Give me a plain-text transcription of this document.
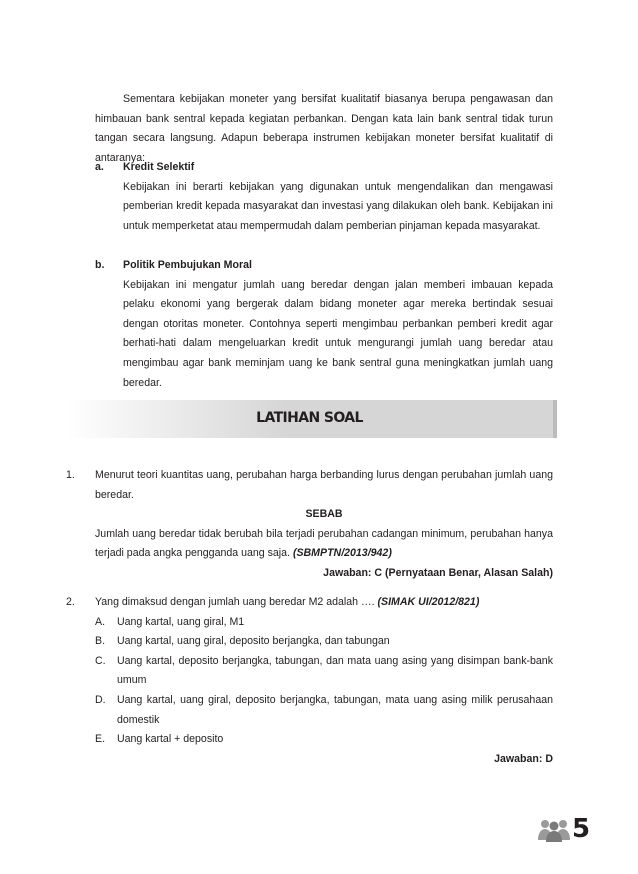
Sementara kebijakan moneter yang bersifat kualitatif biasanya berupa pengawasan dan himbauan bank sentral kepada kegiatan perbankan. Dengan kata lain bank sentral tidak turun tangan secara langsung. Adapun beberapa instrumen kebijakan moneter bersifat kualitatif di antaranya:

a. Kredit Selektif

Kebijakan ini berarti kebijakan yang digunakan untuk mengendalikan dan mengawasi pemberian kredit kepada masyarakat dan investasi yang dilakukan oleh bank. Kebijakan ini untuk memperketat atau mempermudah dalam pemberian pinjaman kepada masyarakat.

b. Politik Pembujukan Moral

Kebijakan ini mengatur jumlah uang beredar dengan jalan memberi imbauan kepada pelaku ekonomi yang bergerak dalam bidang moneter agar mereka bertindak sesuai dengan otoritas moneter. Contohnya seperti mengimbau perbankan pemberi kredit agar berhati-hati dalam mengeluarkan kredit untuk mengurangi jumlah uang beredar atau mengimbau agar bank meminjam uang ke bank sentral guna meningkatkan jumlah uang beredar.

LATIHAN SOAL
1. Menurut teori kuantitas uang, perubahan harga berbanding lurus dengan perubahan jumlah uang beredar.

SEBAB

Jumlah uang beredar tidak berubah bila terjadi perubahan cadangan minimum, perubahan hanya terjadi pada angka pengganda uang saja. (SBMPTN/2013/942)

Jawaban: C (Pernyataan Benar, Alasan Salah)
2. Yang dimaksud dengan jumlah uang beredar M2 adalah …. (SIMAK UI/2012/821)

A. Uang kartal, uang giral, M1

B. Uang kartal, uang giral, deposito berjangka, dan tabungan

C. Uang kartal, deposito berjangka, tabungan, dan mata uang asing yang disimpan bank-bank umum

D. Uang kartal, uang giral, deposito berjangka, tabungan, mata uang asing milik perusahaan domestik

E. Uang kartal + deposito

Jawaban: D
5
